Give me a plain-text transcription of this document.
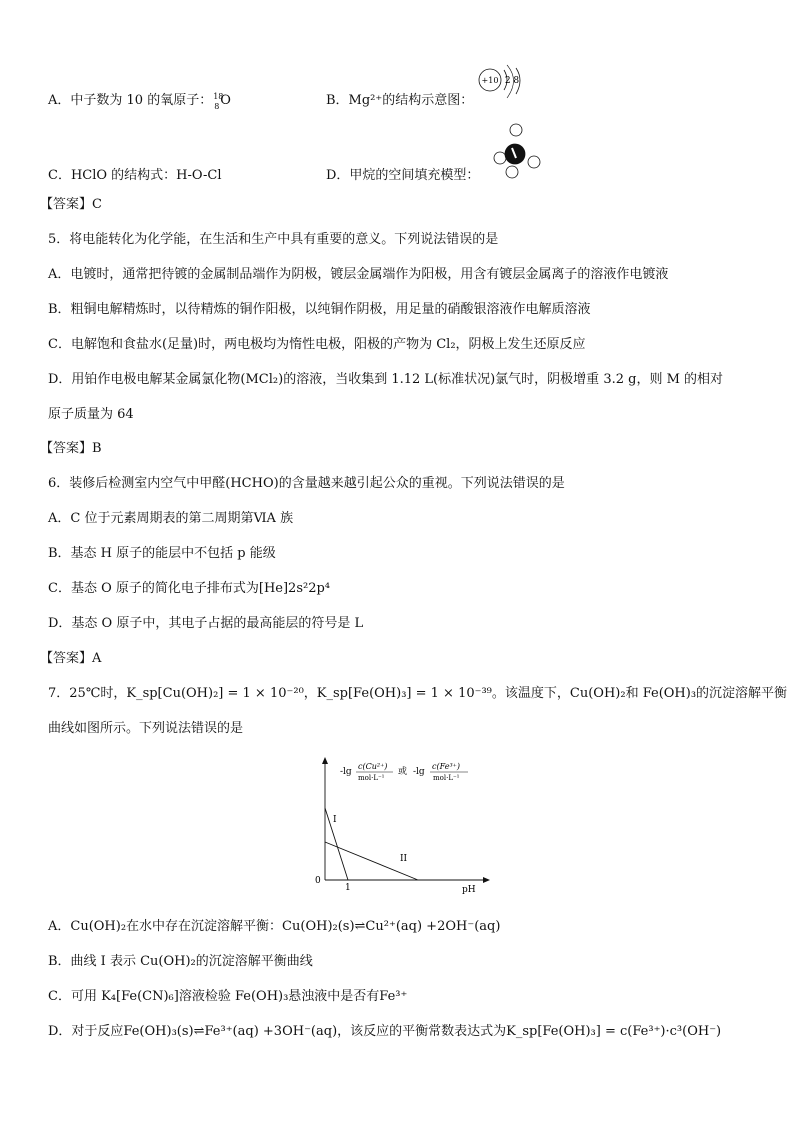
A．中子数为 10 的氧原子： 18
8 O	B．Mg²⁺的结构示意图：
+10 2 8
C．HClO 的结构式：H-O-Cl	D．甲烷的空间填充模型：
【答案】C
5．将电能转化为化学能，在生活和生产中具有重要的意义。下列说法错误的是
A．电镀时，通常把待镀的金属制品端作为阴极，镀层金属端作为阳极，用含有镀层金属离子的溶液作电镀液
B．粗铜电解精炼时，以待精炼的铜作阳极，以纯铜作阴极，用足量的硝酸银溶液作电解质溶液
C．电解饱和食盐水(足量)时，两电极均为惰性电极，阳极的产物为 Cl₂，阴极上发生还原反应
D．用铂作电极电解某金属氯化物(MCl₂)的溶液，当收集到 1.12 L(标准状况)氯气时，阴极增重 3.2 g，则 M 的相对
原子质量为 64
【答案】B
6．装修后检测室内空气中甲醛(HCHO)的含量越来越引起公众的重视。下列说法错误的是
A．C 位于元素周期表的第二周期第ⅥA 族
B．基态 H 原子的能层中不包括 p 能级
C．基态 O 原子的简化电子排布式为[He]2s²2p⁴
D．基态 O 原子中，其电子占据的最高能层的符号是 L
【答案】A
7．25℃时，K_sp[Cu(OH)₂] = 1 × 10⁻²⁰，K_sp[Fe(OH)₃] = 1 × 10⁻³⁹。该温度下，Cu(OH)₂和 Fe(OH)₃的沉淀溶解平衡
曲线如图所示。下列说法错误的是
-lg
c(Cu²⁺)
mol·L⁻¹
或 -lg
c(Fe³⁺)
mol·L⁻¹
I
II
0
1	pH
A．Cu(OH)₂在水中存在沉淀溶解平衡：Cu(OH)₂(s)⇌Cu²⁺(aq) +2OH⁻(aq)
B．曲线 I 表示 Cu(OH)₂的沉淀溶解平衡曲线
C．可用 K₄[Fe(CN)₆]溶液检验 Fe(OH)₃悬浊液中是否有Fe³⁺
D．对于反应Fe(OH)₃(s)⇌Fe³⁺(aq) +3OH⁻(aq)，该反应的平衡常数表达式为K_sp[Fe(OH)₃] = c(Fe³⁺)·c³(OH⁻)
